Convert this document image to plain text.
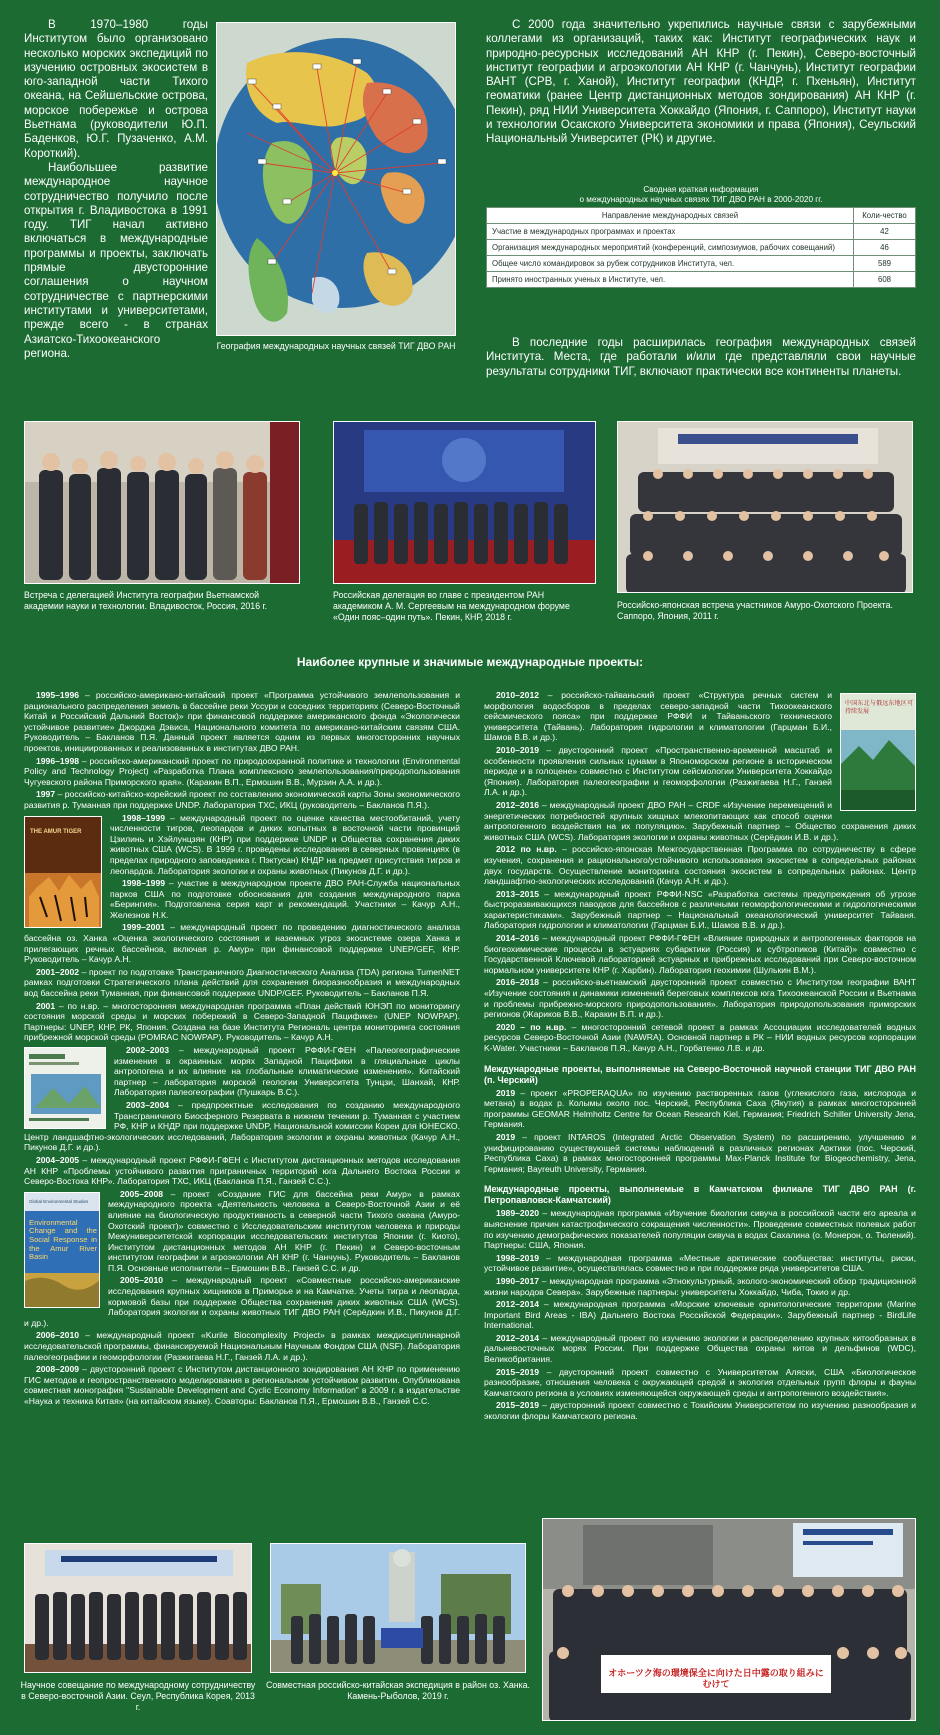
В 1970–1980 годы Институтом было организовано несколько морских экспедиций по изучению островных экосистем в юго-западной части Тихого океана, на Сейшельские острова, морское побережье и острова Вьетнама (руководители Ю.П. Баденков, Ю.Г. Пузаченко, А.М. Короткий).

Наибольшее развитие международное научное сотрудничество получило после открытия г. Владивостока в 1991 году. ТИГ начал активно включаться в международные программы и проекты, заключать прямые двусторонние соглашения о научном сотрудничестве с партнерскими институтами и университетами, прежде всего - в странах Азиатско-Тихоокеанского региона.

География международных научных связей ТИГ ДВО РАН

С 2000 года значительно укрепились научные связи с зарубежными коллегами из организаций, таких как: Институт географических наук и природно-ресурсных исследований АН КНР (г. Пекин), Северо-восточный институт географии и агроэкологии АН КНР (г. Чанчунь), Институт географии ВАНТ (СРВ, г. Ханой), Институт географии (КНДР, г. Пхеньян), Институт геоматики (ранее Центр дистанционных методов зондирования) АН КНР (г. Пекин), ряд НИИ Университета Хоккайдо (Япония, г. Саппоро), Институт науки и технологии Осакского Университета экономики и права (Япония), Сеульский Национальный Университет (РК) и другие.

Сводная краткая информация
о международных научных связях ТИГ ДВО РАН в 2000-2020 гг.
Направление международных связей	Коли-чество
Участие в международных программах и проектах	42
Организация международных мероприятий (конференций, симпозиумов, рабочих совещаний)	46
Общее число командировок за рубеж сотрудников Института, чел.	589
Принято иностранных ученых в Институте, чел.	608

В последние годы расширилась география международных связей Института. Места, где работали и/или где представляли свои научные результаты сотрудники ТИГ, включают практически все континенты планеты.

Встреча с делегацией Института географии Вьетнамской академии науки и технологии. Владивосток, Россия, 2016 г.
Российская делегация во главе с президентом РАН академиком А. М. Сергеевым на международном форуме «Один пояс–один путь». Пекин, КНР, 2018 г.
Российско-японская встреча участников Амуро-Охотского Проекта. Саппоро, Япония, 2011 г.
Наиболее крупные и значимые международные проекты:

1995–1996 – российско-американо-китайский проект «Программа устойчивого землепользования и рационального распределения земель в бассейне реки Уссури и соседних территориях (Северо-Восточный Китай и Российский Дальний Восток)» при финансовой поддержке американского фонда «Экологически устойчивое развитие» Джорджа Дэвиса, Национального комитета по американо-китайским связям США. Руководитель – Бакланов П.Я. Данный проект является одним из первых многосторонних научных проектов, инициированных и реализованных в институтах ДВО РАН.

1996–1998 – российско-американский проект по природоохранной политике и технологии (Environmental Policy and Technology Project) «Разработка Плана комплексного землепользования/природопользования Чугуевского района Приморского края». (Каракин В.П., Ермошин В.В., Мурзин А.А. и др.).

1997 – российско-китайско-корейский проект по составлению экономической карты Зоны экономического развития р. Туманная при поддержке UNDP. Лаборатория ТХС, ИКЦ (руководитель – Бакланов П.Я.).

THE AMUR TIGER

1998–1999 – международный проект по оценке качества местообитаний, учету численности тигров, леопардов и диких копытных в восточной части провинций Цзилинь и Хэйлунцзян (КНР) при поддержке UNDP и Общества сохранения диких животных США (WCS). В 1999 г. проведены исследования в северных провинциях (в пределах природного заповедника г. Пэктусан) КНДР на предмет присутствия тигров и леопардов. Лаборатория экологии и охраны животных (Пикунов Д.Г. и др.).

1998–1999 – участие в международном проекте ДВО РАН-Служба национальных парков США по подготовке обоснования для создания международного парка «Берингия». Подготовлена серия карт и рекомендаций. Участники – Качур А.Н., Железнов Н.К.

1999–2001 – международный проект по проведению диагностического анализа бассейна оз. Ханка «Оценка экологического состояния и наземных угроз экосистеме озера Ханка и прилегающих речных бассейнов, включая р. Амур» при финансовой поддержке UNEP/GEF, КНР. Руководитель – Качур А.Н.

2001–2002 – проект по подготовке Трансграничного Диагностического Анализа (TDA) региона TumenNET рамках подготовки Стратегического плана действий для сохранения биоразнообразия и международных вод бассейна реки Туманная, при финансовой поддержке UNDP/GEF. Руководитель – Бакланов П.Я.

2001 – по н.вр. – многосторонняя международная программа «План действий ЮНЭП по мониторингу состояния морской среды и морских побережий в Северо-Западной Пацифике» (UNEP NOWPAP). Партнеры: UNEP, КНР, РК, Япония. Создана на базе Института Региональ центра мониторинга состояния прибрежной морской среды (POMRAC NOWPAP). Руководитель – Качур А.Н.

2002–2003 – международный проект РФФИ-ГФЕН «Палеогеографические изменения в окраинных морях Западной Пацифики в гляциальные циклы антропогена и их влияние на глобальные климатические изменения». Китайский партнер – лаборатория морской геологии Университета Тунцзи, Шанхай, КНР. Лаборатория палеогеографии (Пушкарь В.С.).

2003–2004 – предпроектные исследования по созданию международного Трансграничного Биосферного Резервата в нижнем течении р. Туманная с участием РФ, КНР и КНДР при поддержке UNDP, Национальной комиссии Кореи для ЮНЕСКО. Центр ландшафтно-экологических исследований, Лаборатория экологии и охраны животных (Качур А.Н., Пикунов Д.Г. и др.).

2004–2005 – международный проект РФФИ-ГФЕН с Институтом дистанционных методов исследования АН КНР «Проблемы устойчивого развития приграничных территорий юга Дальнего Востока России и Северо-Востока КНР». Лаборатория ТХС, ИКЦ (Бакланов П.Я., Ганзей С.С.).

Global Environmental Studies
Environmental Change and the Social Response in the Amur River Basin

2005–2008 – проект «Создание ГИС для бассейна реки Амур» в рамках международного проекта «Деятельность человека в Северо-Восточной Азии и её влияние на биологическую продуктивность в северной части Тихого океана (Амуро-Охотский проект)» совместно с Исследовательским институтом человека и природы Межуниверситетской корпорации исследовательских институтов Японии (г. Киото), Институтом дистанционных методов АН КНР (г. Пекин) и Северо-восточным институтом географии и агроэкологии АН КНР (г. Чанчунь). Руководитель – Бакланов П.Я. Основные исполнители – Ермошин В.В., Ганзей С.С. и др.

2005–2010 – международный проект «Совместные российско-американские исследования крупных хищников в Приморье и на Камчатке. Учеты тигра и леопарда, кормовой базы при поддержке Общества сохранения диких животных США (WCS). Лаборатория экологии и охраны животных ТИГ ДВО РАН (Серёдкин И.В., Пикунов Д.Г. и др.).

2006–2010 – международный проект «Kurile Biocomplexity Project» в рамках междисциплинарной исследовательской программы, финансируемой Национальным Научным Фондом США (NSF). Лаборатория палеогеографии и геоморфологии (Разжигаева Н.Г., Ганзей Л.А. и др.).

2008–2009 – двусторонний проект с Институтом дистанционного зондирования АН КНР по применению ГИС методов и геопространственного моделирования в региональном устойчивом развитии. Опубликована совместная монография "Sustainable Development and Cyclic Economy Information" в 2009 г. в издательстве «Наука и техника Китая» (на китайском языке). Соавторы: Бакланов П.Я., Ермошин В.В., Ганзей С.С.

中国东北与俄远东地区可持续发展

2010–2012 – российско-тайваньский проект «Структура речных систем и морфология водосборов в пределах северо-западной части Тихоокеанского сейсмического пояса» при поддержке РФФИ и Тайваньского технического университета (Тайвань). Лаборатория гидрологии и климатологии (Гарцман Б.И., Шамов В.В. и др.).

2010–2019 – двусторонний проект «Пространственно-временной масштаб и особенности проявления сильных цунами в Япономорском регионе в историческом периоде и в голоцене» совместно с Институтом сейсмологии Университета Хоккайдо (Япония). Лаборатория палеогеографии и геоморфологии (Разжигаева Н.Г., Ганзей Л.А. и др.).

2012–2016 – международный проект ДВО РАН – CRDF «Изучение перемещений и энергетических потребностей крупных хищных млекопитающих как способ оценки антропогенного воздействия на их популяцию». Зарубежный партнер – Общество сохранения диких животных США (WCS). Лаборатория экологии и охраны животных (Серёдкин И.В. и др.).

2012 по н.вр. – российско-японская Межгосударственная Программа по сотрудничеству в сфере изучения, сохранения и рационального/устойчивого использования экосистем в сопредельных районах двух государств. Осуществление мониторинга состояния экосистем в сопредельных районах. Центр ландшафтно-экологических исследований (Качур А.Н. и др.).

2013–2015 – международный проект РФФИ-NSC «Разработка системы предупреждения об угрозе быстроразвивающихся паводков для бассейнов с различными геоморфологическими и гидрологическими характеристиками». Зарубежный партнер – Национальный океанологический университет Тайваня. Лаборатория гидрологии и климатологии (Гарцман Б.И., Шамов В.В. и др.).

2014–2016 – международный проект РФФИ-ГФЕН «Влияние природных и антропогенных факторов на биогеохимические процессы в эстуариях субарктики (Россия) и субтропиков (Китай)» совместно с Государственной Ключевой лабораторией эстуарных и прибрежных исследований при Северо-восточном нормальном университете КНР (г. Харбин). Лаборатория геохимии (Шулькин В.М.).

2016–2018 – российско-вьетнамский двусторонний проект совместно с Институтом географии ВАНТ «Изучение состояния и динамики изменений береговых комплексов юга Тихоокеанской России и Вьетнама и проблемы прибрежно-морского природопользования». Лаборатория природопользования приморских регионов (Жариков В.В., Каракин В.П. и др.).

2020 – по н.вр. – многосторонний сетевой проект в рамках Ассоциации исследователей водных ресурсов Северо-Восточной Азии (NAWRA). Основной партнер в РК – НИИ водных ресурсов корпорации K-Water. Участники – Бакланов П.Я., Качур А.Н., Горбатенко Л.В. и др.

Международные проекты, выполняемые на Северо-Восточной научной станции ТИГ ДВО РАН (п. Черский)

2019 – проект «PROPERAQUA» по изучению растворенных газов (углекислого газа, кислорода и метана) в водах р. Колымы около пос. Черский, Республика Саха (Якутия) в рамках многосторонней программы GEOMAR Helmholtz Centre for Ocean Research Kiel, Германия; Friedrich Schiller University Jena, Германия.

2019 – проект INTAROS (Integrated Arctic Observation System) по расширению, улучшению и унифицированию существующей системы наблюдений в различных регионах Арктики (пос. Черский, Республика Саха) в рамках многосторонней программы Max-Planck Institute for Biogeochemistry, Jena, Германия; Bayreuth University, Германия.

Международные проекты, выполняемые в Камчатском филиале ТИГ ДВО РАН (г. Петропавловск-Камчатский)

1989–2020 – международная программа «Изучение биологии сивуча в российской части его ареала и выяснение причин катастрофического сокращения численности». Проведение совместных полевых работ по изучению демографических показателей популяции сивуча в водах Сахалина (о. Монерон, о. Тюлений). Партнеры: США, Япония.

1998–2019 – международная программа «Местные арктические сообщества: институты, риски, устойчивое развитие», осуществлялась совместно и при поддержке ряда университетов США.

1990–2017 – международная программа «Этнокультурный, эколого-экономический обзор традиционной жизни народов Севера». Зарубежные партнеры: университеты Хоккайдо, Чиба, Токио и др.

2012–2014 – международная программа «Морские ключевые орнитологические территории (Marine Important Bird Areas - IBA) Дальнего Востока Российской Федерации». Зарубежный партнер - BirdLife International.

2012–2014 – международный проект по изучению экологии и распределению крупных китообразных в дальневосточных морях России. При поддержке Общества охраны китов и дельфинов (WDC), Великобритания.

2015–2019 – двусторонний проект совместно с Университетом Аляски, США «Биологическое разнообразие, отношения человека с окружающей средой и экология отдельных групп флоры и фауны Камчатского региона в условиях изменяющейся окружающей среды и антропогенного воздействия».

2015–2019 – двусторонний проект совместно с Токийским Университетом по изучению разнообразия и экологии флоры Камчатского региона.

Научное совещание по международному сотрудничеству в Северо-восточной Азии. Сеул, Республика Корея, 2013 г.
Совместная российско-китайская экспедиция в район оз. Ханка. Камень-Рыболов, 2019 г.
オホーツク海の環境保全に向けた日中露の取り組みにむけて
